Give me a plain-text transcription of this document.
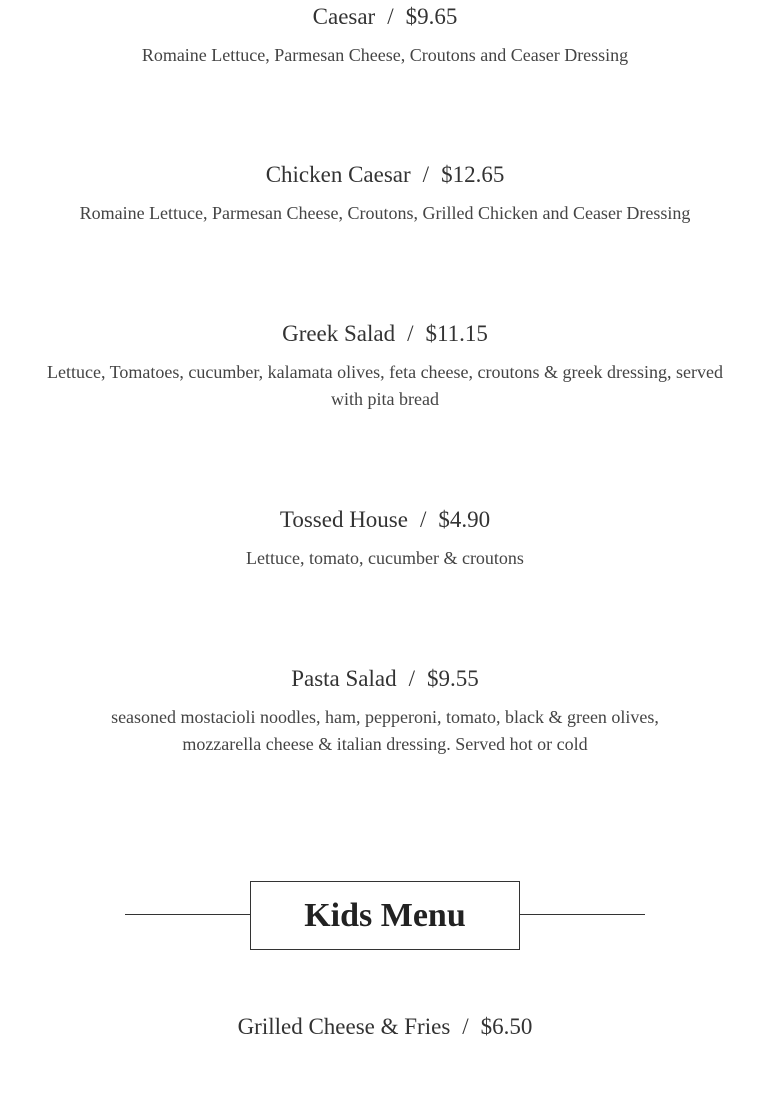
Caesar / $9.65
Romaine Lettuce, Parmesan Cheese, Croutons and Ceaser Dressing
Chicken Caesar / $12.65
Romaine Lettuce, Parmesan Cheese, Croutons, Grilled Chicken and Ceaser Dressing
Greek Salad / $11.15
Lettuce, Tomatoes, cucumber, kalamata olives, feta cheese, croutons & greek dressing, served with pita bread
Tossed House / $4.90
Lettuce, tomato, cucumber & croutons
Pasta Salad / $9.55
seasoned mostacioli noodles, ham, pepperoni, tomato, black & green olives, mozzarella cheese & italian dressing. Served hot or cold
Kids Menu
Grilled Cheese & Fries / $6.50
